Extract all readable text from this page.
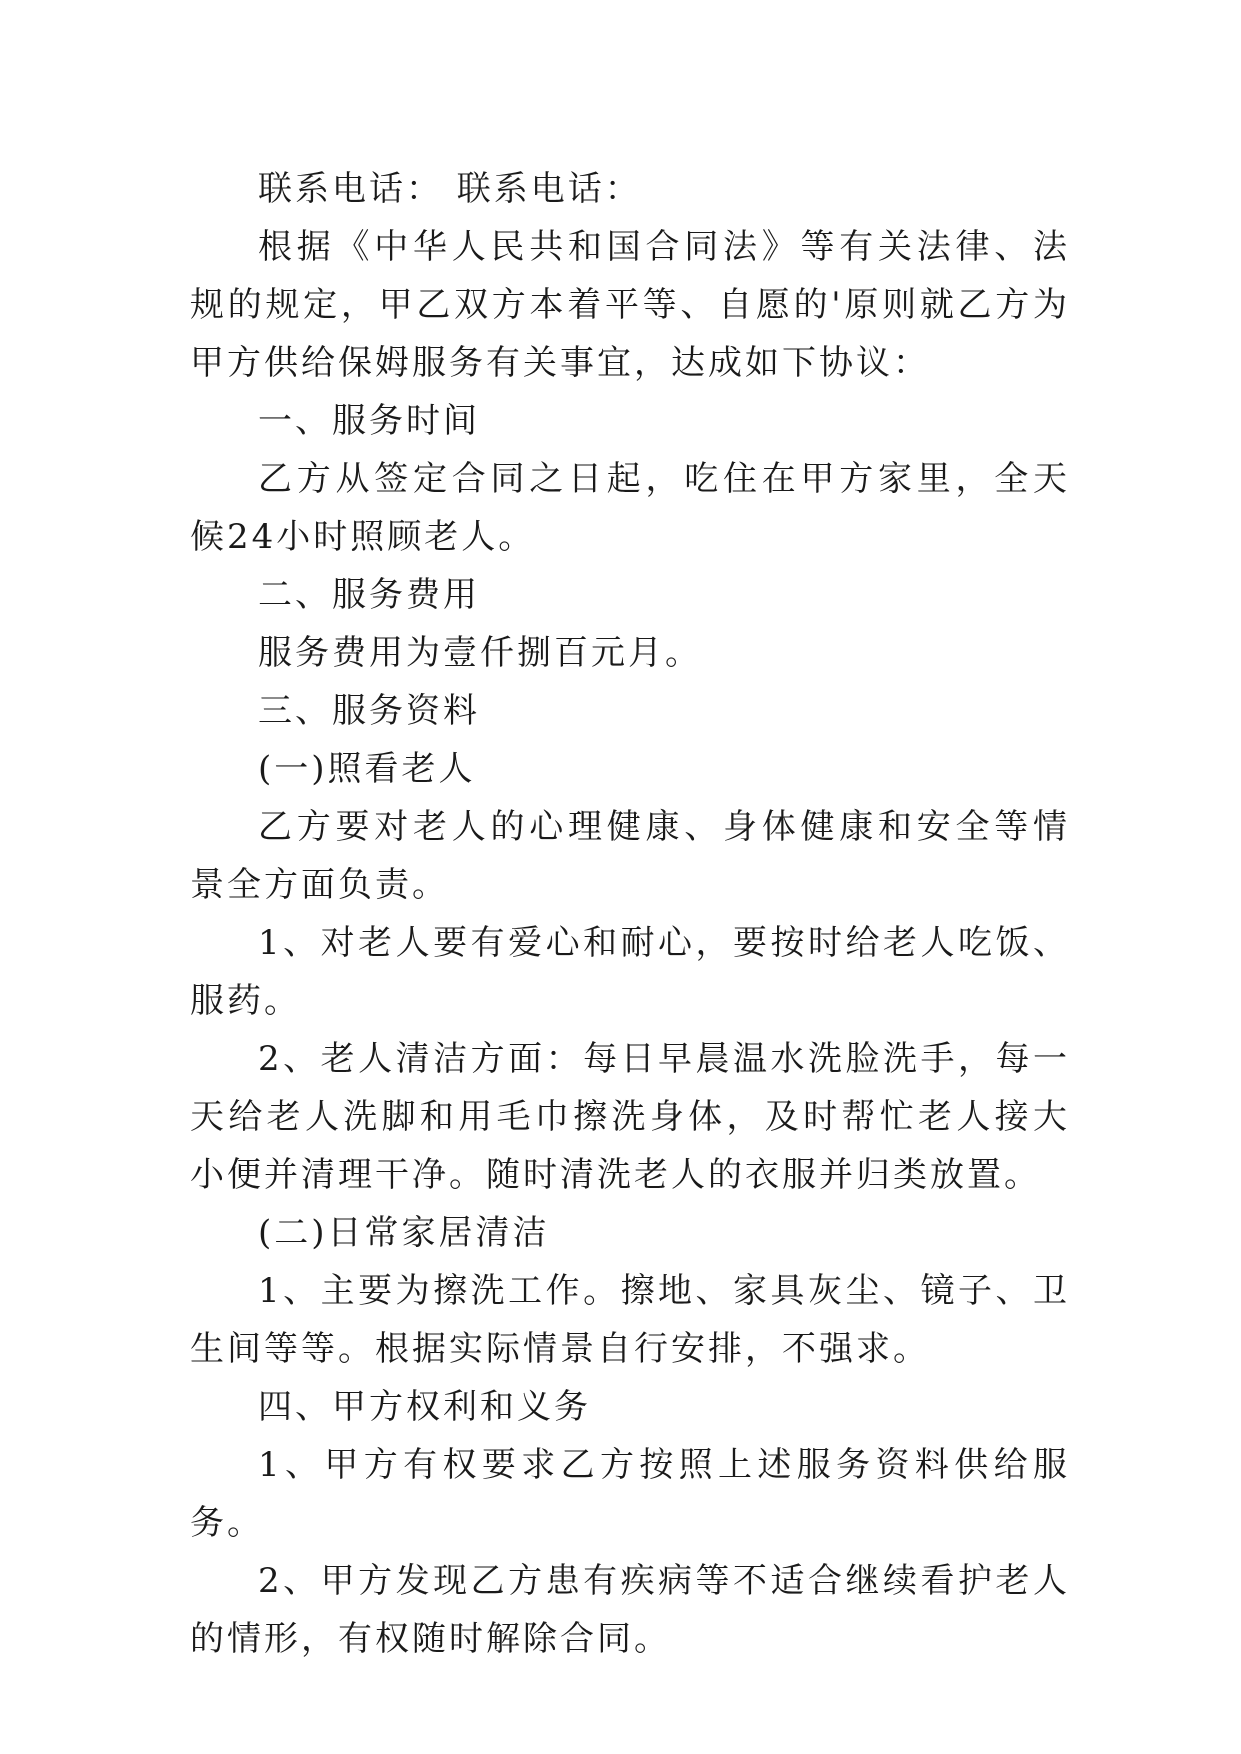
联系电话： 联系电话：

根据《中华人民共和国合同法》等有关法律、法规的规定，甲乙双方本着平等、自愿的'原则就乙方为甲方供给保姆服务有关事宜，达成如下协议：

一、服务时间

乙方从签定合同之日起，吃住在甲方家里，全天候24小时照顾老人。

二、服务费用

服务费用为壹仟捌百元月。

三、服务资料

(一)照看老人

乙方要对老人的心理健康、身体健康和安全等情景全方面负责。

1、对老人要有爱心和耐心，要按时给老人吃饭、服药。

2、老人清洁方面：每日早晨温水洗脸洗手，每一天给老人洗脚和用毛巾擦洗身体，及时帮忙老人接大小便并清理干净。随时清洗老人的衣服并归类放置。

(二)日常家居清洁

1、主要为擦洗工作。擦地、家具灰尘、镜子、卫生间等等。根据实际情景自行安排，不强求。

四、甲方权利和义务

1、甲方有权要求乙方按照上述服务资料供给服务。

2、甲方发现乙方患有疾病等不适合继续看护老人的情形，有权随时解除合同。
